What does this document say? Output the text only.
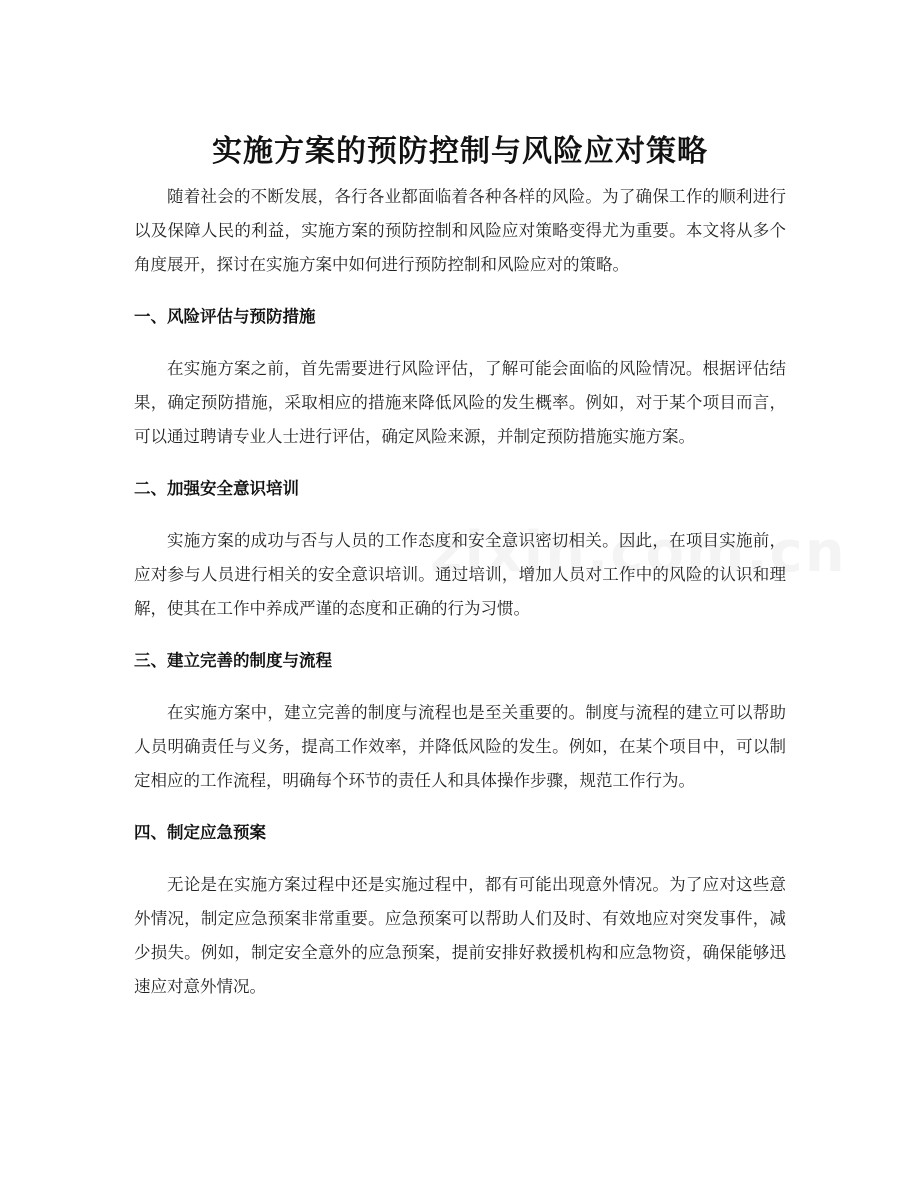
实施方案的预防控制与风险应对策略

随着社会的不断发展，各行各业都面临着各种各样的风险。为了确保工作的顺利进行以及保障人民的利益，实施方案的预防控制和风险应对策略变得尤为重要。本文将从多个角度展开，探讨在实施方案中如何进行预防控制和风险应对的策略。

一、风险评估与预防措施

在实施方案之前，首先需要进行风险评估，了解可能会面临的风险情况。根据评估结果，确定预防措施，采取相应的措施来降低风险的发生概率。例如，对于某个项目而言，可以通过聘请专业人士进行评估，确定风险来源，并制定预防措施实施方案。

二、加强安全意识培训

实施方案的成功与否与人员的工作态度和安全意识密切相关。因此，在项目实施前，应对参与人员进行相关的安全意识培训。通过培训，增加人员对工作中的风险的认识和理解，使其在工作中养成严谨的态度和正确的行为习惯。

三、建立完善的制度与流程

在实施方案中，建立完善的制度与流程也是至关重要的。制度与流程的建立可以帮助人员明确责任与义务，提高工作效率，并降低风险的发生。例如，在某个项目中，可以制定相应的工作流程，明确每个环节的责任人和具体操作步骤，规范工作行为。

四、制定应急预案

无论是在实施方案过程中还是实施过程中，都有可能出现意外情况。为了应对这些意外情况，制定应急预案非常重要。应急预案可以帮助人们及时、有效地应对突发事件，减少损失。例如，制定安全意外的应急预案，提前安排好救援机构和应急物资，确保能够迅速应对意外情况。
